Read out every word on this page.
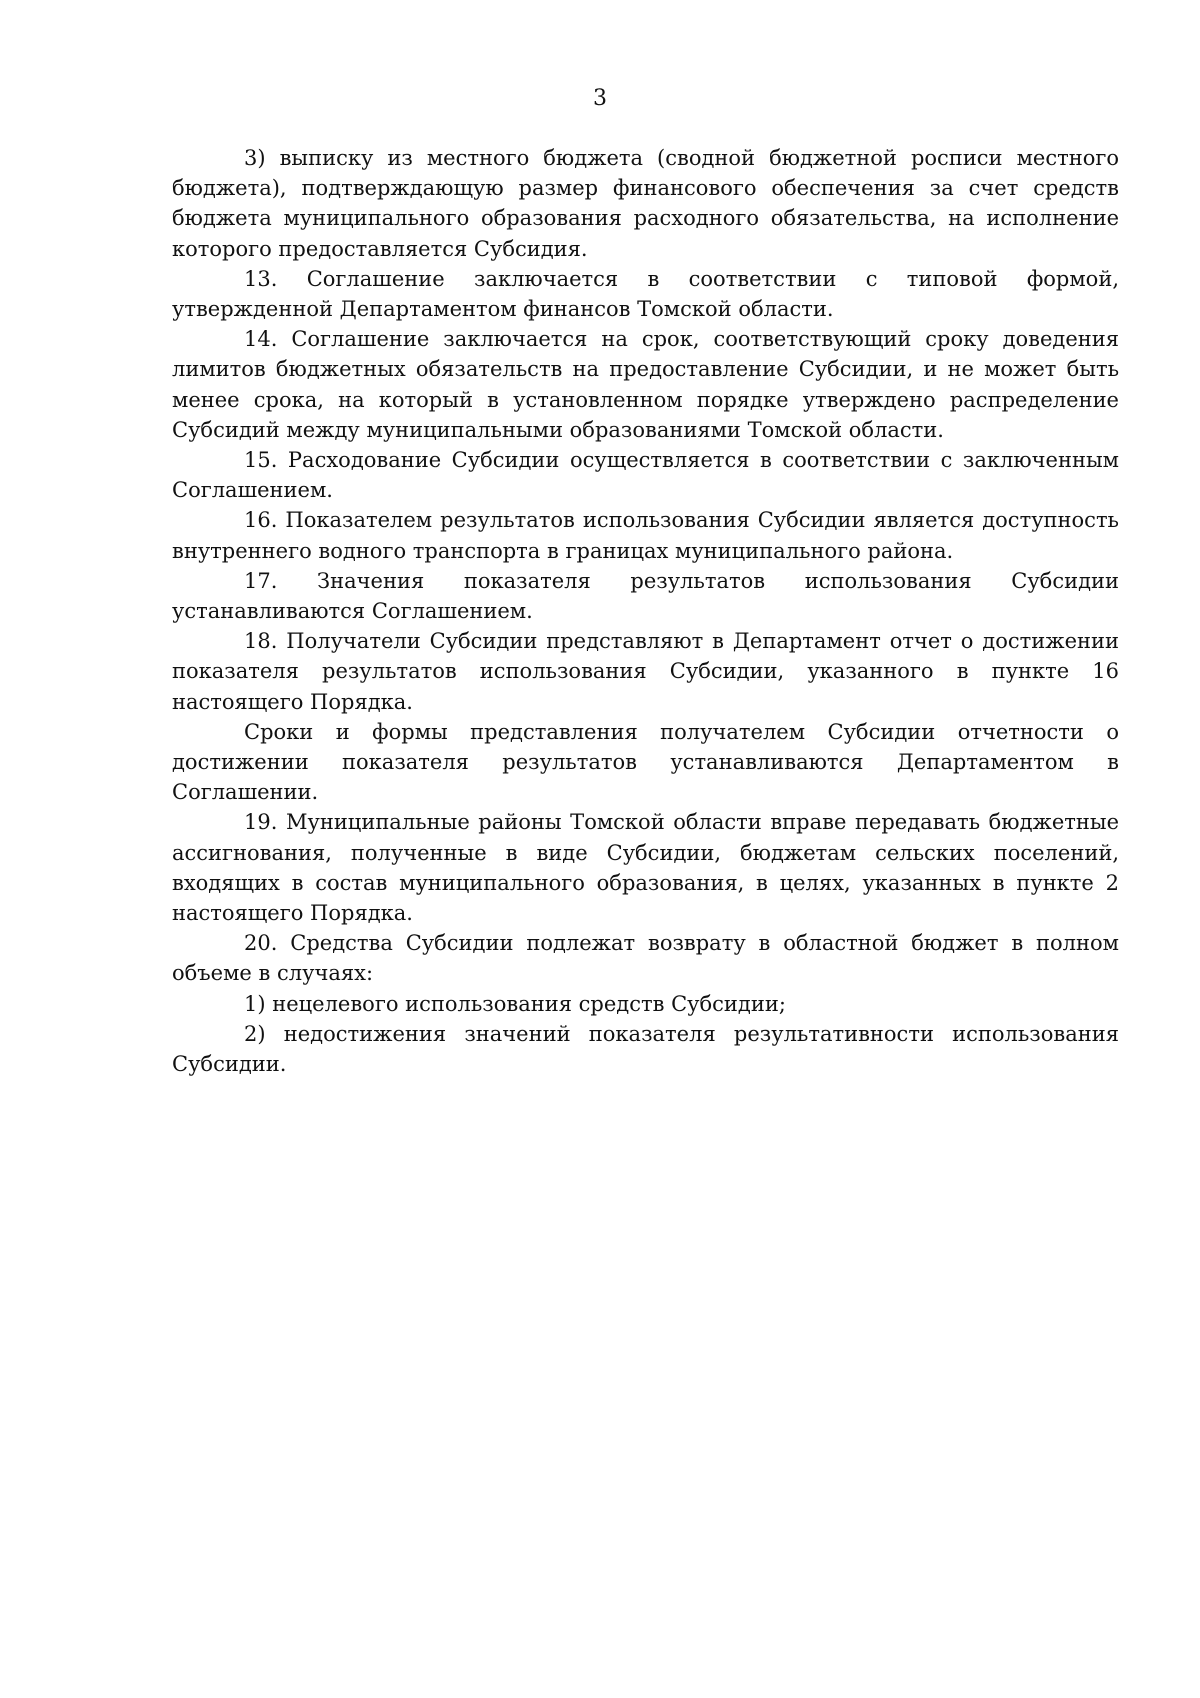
3

3) выписку из местного бюджета (сводной бюджетной росписи местного бюджета), подтверждающую размер финансового обеспечения за счет средств бюджета муниципального образования расходного обязательства, на исполнение которого предоставляется Субсидия.

13. Соглашение заключается в соответствии с типовой формой, утвержденной Департаментом финансов Томской области.

14. Соглашение заключается на срок, соответствующий сроку доведения лимитов бюджетных обязательств на предоставление Субсидии, и не может быть менее срока, на который в установленном порядке утверждено распределение Субсидий между муниципальными образованиями Томской области.

15. Расходование Субсидии осуществляется в соответствии с заключенным Соглашением.

16. Показателем результатов использования Субсидии является доступность внутреннего водного транспорта в границах муниципального района.

17. Значения показателя результатов использования Субсидии устанавливаются Соглашением.

18. Получатели Субсидии представляют в Департамент отчет о достижении показателя результатов использования Субсидии, указанного в пункте 16 настоящего Порядка.

Сроки и формы представления получателем Субсидии отчетности о достижении показателя результатов устанавливаются Департаментом в Соглашении.

19. Муниципальные районы Томской области вправе передавать бюджетные ассигнования, полученные в виде Субсидии, бюджетам сельских поселений, входящих в состав муниципального образования, в целях, указанных в пункте 2 настоящего Порядка.

20. Средства Субсидии подлежат возврату в областной бюджет в полном объеме в случаях:

1) нецелевого использования средств Субсидии;

2) недостижения значений показателя результативности использования Субсидии.
